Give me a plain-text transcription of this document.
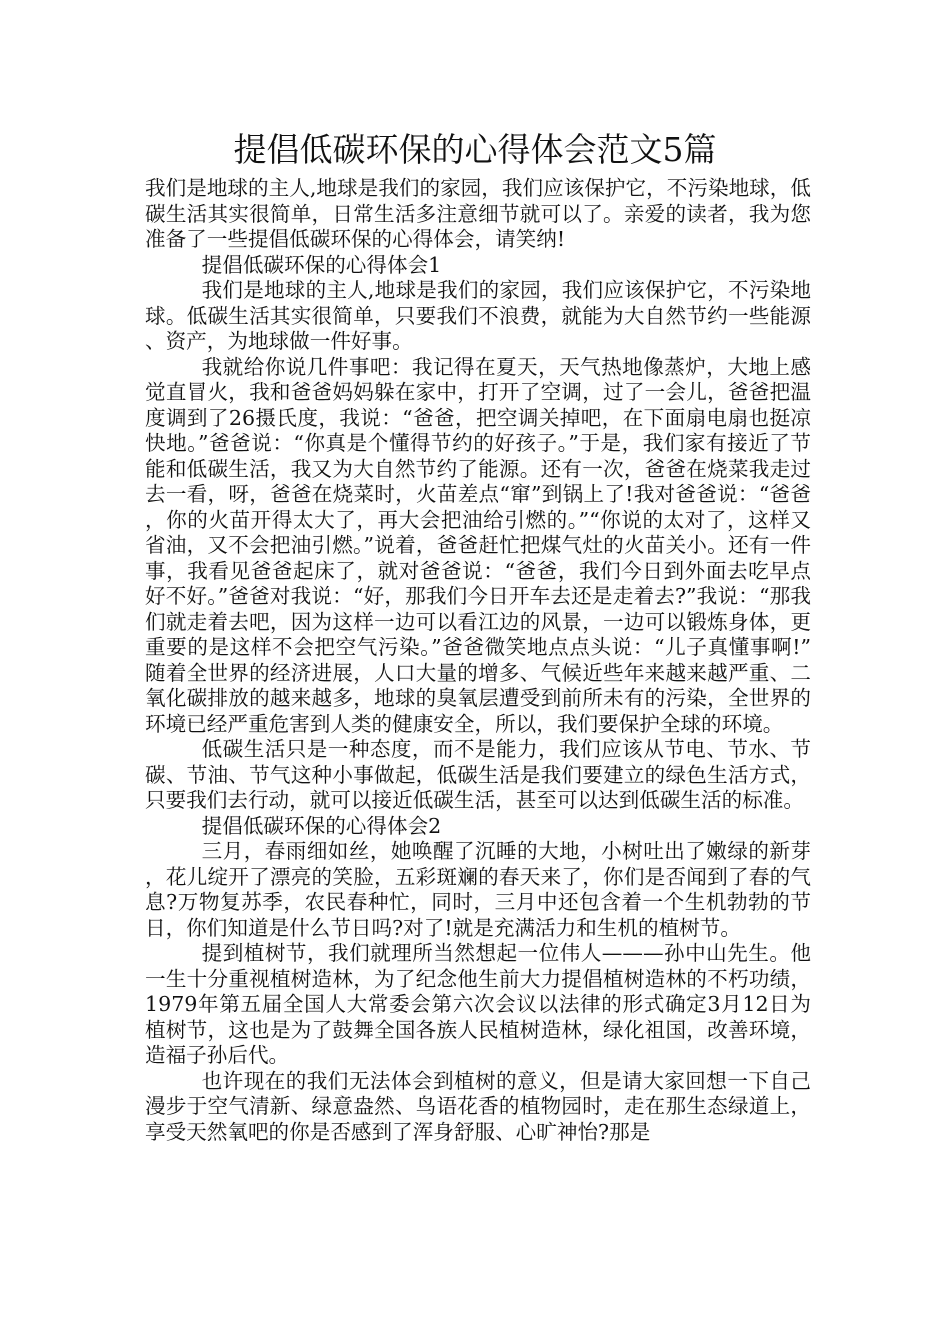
提倡低碳环保的心得体会范文5篇

我们是地球的主人,地球是我们的家园，我们应该保护它，不污染地球，低碳生活其实很简单，日常生活多注意细节就可以了。亲爱的读者，我为您准备了一些提倡低碳环保的心得体会，请笑纳!

提倡低碳环保的心得体会1

我们是地球的主人,地球是我们的家园，我们应该保护它，不污染地球。低碳生活其实很简单，只要我们不浪费，就能为大自然节约一些能源、资产，为地球做一件好事。

我就给你说几件事吧：我记得在夏天，天气热地像蒸炉，大地上感觉直冒火，我和爸爸妈妈躲在家中，打开了空调，过了一会儿，爸爸把温度调到了26摄氏度，我说：“爸爸，把空调关掉吧，在下面扇电扇也挺凉快地。”爸爸说：“你真是个懂得节约的好孩子。”于是，我们家有接近了节能和低碳生活，我又为大自然节约了能源。还有一次，爸爸在烧菜我走过去一看，呀，爸爸在烧菜时，火苗差点“窜”到锅上了!我对爸爸说：“爸爸，你的火苗开得太大了，再大会把油给引燃的。”“你说的太对了，这样又省油，又不会把油引燃。”说着，爸爸赶忙把煤气灶的火苗关小。还有一件事，我看见爸爸起床了，就对爸爸说：“爸爸，我们今日到外面去吃早点好不好。”爸爸对我说：“好，那我们今日开车去还是走着去?”我说：“那我们就走着去吧，因为这样一边可以看江边的风景，一边可以锻炼身体，更重要的是这样不会把空气污染。”爸爸微笑地点点头说：“儿子真懂事啊!”随着全世界的经济进展，人口大量的增多、气候近些年来越来越严重、二氧化碳排放的越来越多，地球的臭氧层遭受到前所未有的污染，全世界的环境已经严重危害到人类的健康安全，所以，我们要保护全球的环境。

低碳生活只是一种态度，而不是能力，我们应该从节电、节水、节碳、节油、节气这种小事做起，低碳生活是我们要建立的绿色生活方式，只要我们去行动，就可以接近低碳生活，甚至可以达到低碳生活的标准。

提倡低碳环保的心得体会2

三月，春雨细如丝，她唤醒了沉睡的大地，小树吐出了嫩绿的新芽，花儿绽开了漂亮的笑脸，五彩斑斓的春天来了，你们是否闻到了春的气息?万物复苏季，农民春种忙，同时，三月中还包含着一个生机勃勃的节日，你们知道是什么节日吗?对了!就是充满活力和生机的植树节。

提到植树节，我们就理所当然想起一位伟人———孙中山先生。他一生十分重视植树造林，为了纪念他生前大力提倡植树造林的不朽功绩，1979年第五届全国人大常委会第六次会议以法律的形式确定3月12日为植树节，这也是为了鼓舞全国各族人民植树造林，绿化祖国，改善环境，造福子孙后代。

也许现在的我们无法体会到植树的意义，但是请大家回想一下自己漫步于空气清新、绿意盎然、鸟语花香的植物园时，走在那生态绿道上，享受天然氧吧的你是否感到了浑身舒服、心旷神怡?那是
